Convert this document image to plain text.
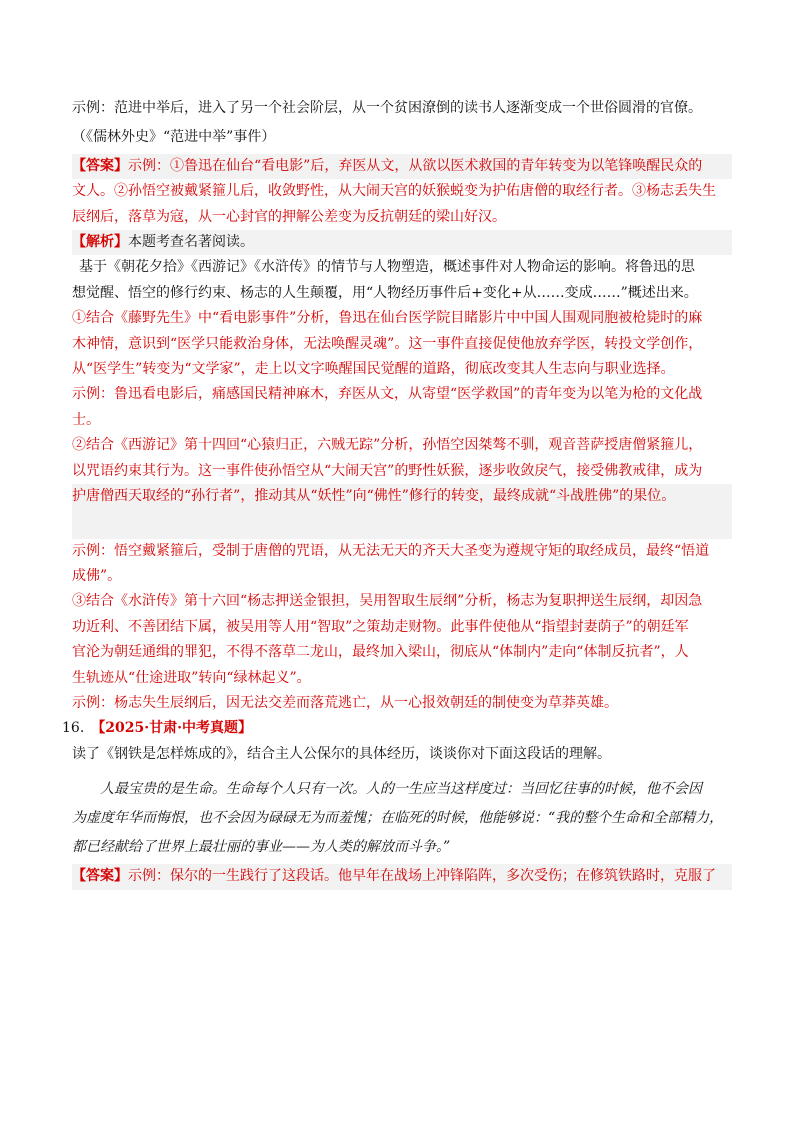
示例：范进中举后，进入了另一个社会阶层，从一个贫困潦倒的读书人逐渐变成一个世俗圆滑的官僚。
（《儒林外史》“范进中举”事件）
【答案】示例：①鲁迅在仙台“看电影”后，弃医从文，从欲以医术救国的青年转变为以笔锋唤醒民众的
文人。②孙悟空被戴紧箍儿后，收敛野性，从大闹天宫的妖猴蜕变为护佑唐僧的取经行者。③杨志丢失生
辰纲后，落草为寇，从一心封官的押解公差变为反抗朝廷的梁山好汉。
【解析】本题考查名著阅读。
基于《朝花夕拾》《西游记》《水浒传》的情节与人物塑造，概述事件对人物命运的影响。将鲁迅的思
想觉醒、悟空的修行约束、杨志的人生颠覆，用“人物经历事件后+变化+从……变成……”概述出来。
①结合《藤野先生》中“看电影事件”分析，鲁迅在仙台医学院目睹影片中中国人围观同胞被枪毙时的麻
木神情，意识到“医学只能救治身体，无法唤醒灵魂”。这一事件直接促使他放弃学医，转投文学创作，
从“医学生”转变为“文学家”，走上以文字唤醒国民觉醒的道路，彻底改变其人生志向与职业选择。
示例：鲁迅看电影后，痛感国民精神麻木，弃医从文，从寄望“医学救国”的青年变为以笔为枪的文化战
士。
②结合《西游记》第十四回“心猿归正，六贼无踪”分析，孙悟空因桀骜不驯，观音菩萨授唐僧紧箍儿，
以咒语约束其行为。这一事件使孙悟空从“大闹天宫”的野性妖猴，逐步收敛戾气，接受佛教戒律，成为
护唐僧西天取经的“孙行者”，推动其从“妖性”向“佛性”修行的转变，最终成就“斗战胜佛”的果位。
示例：悟空戴紧箍后，受制于唐僧的咒语，从无法无天的齐天大圣变为遵规守矩的取经成员，最终“悟道
成佛”。
③结合《水浒传》第十六回“杨志押送金银担，吴用智取生辰纲”分析，杨志为复职押送生辰纲，却因急
功近利、不善团结下属，被吴用等人用“智取”之策劫走财物。此事件使他从“指望封妻荫子”的朝廷军
官沦为朝廷通缉的罪犯，不得不落草二龙山，最终加入梁山，彻底从“体制内”走向“体制反抗者”，人
生轨迹从“仕途进取”转向“绿林起义”。
示例：杨志失生辰纲后，因无法交差而落荒逃亡，从一心报效朝廷的制使变为草莽英雄。
16.  【2025·甘肃·中考真题】
读了《钢铁是怎样炼成的》，结合主人公保尔的具体经历，谈谈你对下面这段话的理解。
人最宝贵的是生命。生命每个人只有一次。人的一生应当这样度过：当回忆往事的时候，他不会因
为虚度年华而悔恨，也不会因为碌碌无为而羞愧；在临死的时候，他能够说：“我的整个生命和全部精力，
都已经献给了世界上最壮丽的事业——为人类的解放而斗争。”
【答案】示例：保尔的一生践行了这段话。他早年在战场上冲锋陷阵，多次受伤；在修筑铁路时，克服了
